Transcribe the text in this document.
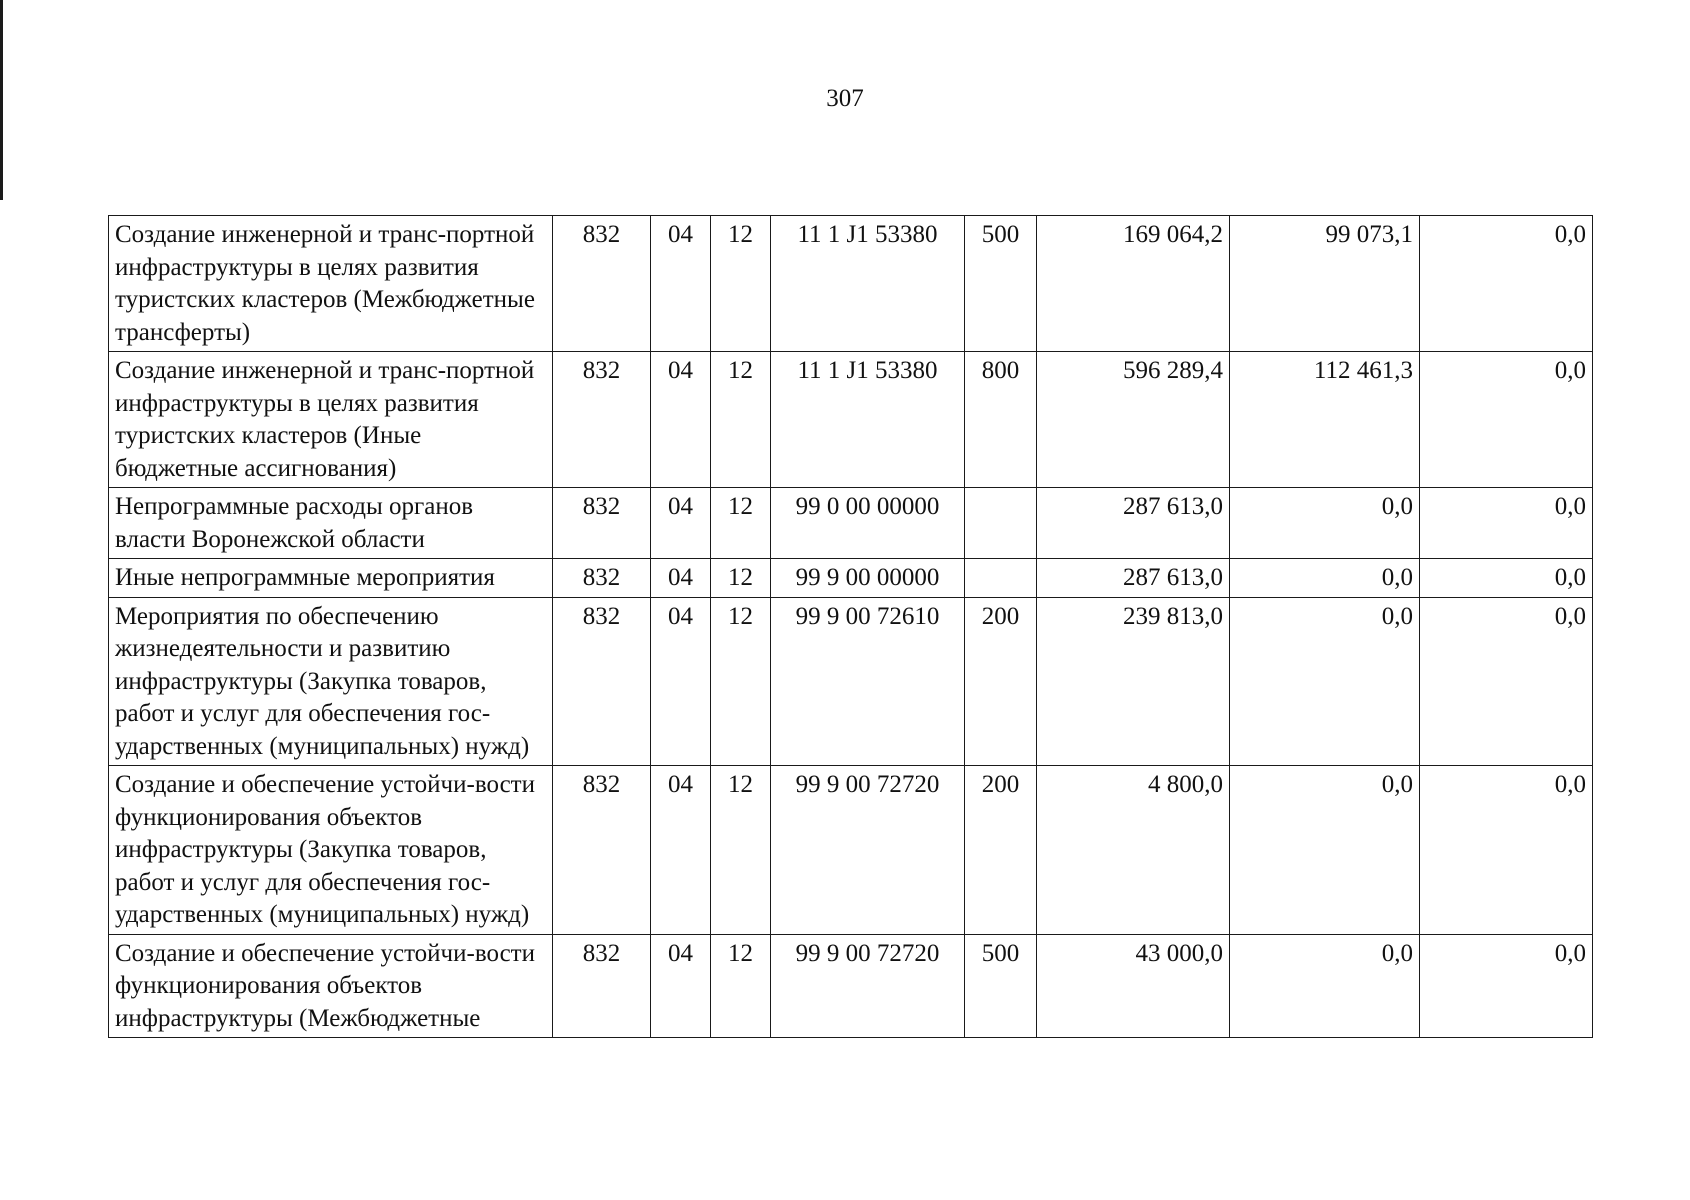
307
Создание инженерной и транс-портной инфраструктуры в целях развития туристских кластеров (Межбюджетные трансферты)	832	04	12	11 1 J1 53380	500	169 064,2	99 073,1	0,0
Создание инженерной и транс-портной инфраструктуры в целях развития туристских кластеров (Иные бюджетные ассигнования)	832	04	12	11 1 J1 53380	800	596 289,4	112 461,3	0,0
Непрограммные расходы органов власти Воронежской области	832	04	12	99 0 00 00000		287 613,0	0,0	0,0
Иные непрограммные мероприятия	832	04	12	99 9 00 00000		287 613,0	0,0	0,0
Мероприятия по обеспечению жизнедеятельности и развитию инфраструктуры (Закупка товаров, работ и услуг для обеспечения гос-ударственных (муниципальных) нужд)	832	04	12	99 9 00 72610	200	239 813,0	0,0	0,0
Создание и обеспечение устойчи-вости функционирования объектов инфраструктуры (Закупка товаров, работ и услуг для обеспечения гос-ударственных (муниципальных) нужд)	832	04	12	99 9 00 72720	200	4 800,0	0,0	0,0
Создание и обеспечение устойчи-вости функционирования объектов инфраструктуры (Межбюджетные	832	04	12	99 9 00 72720	500	43 000,0	0,0	0,0
